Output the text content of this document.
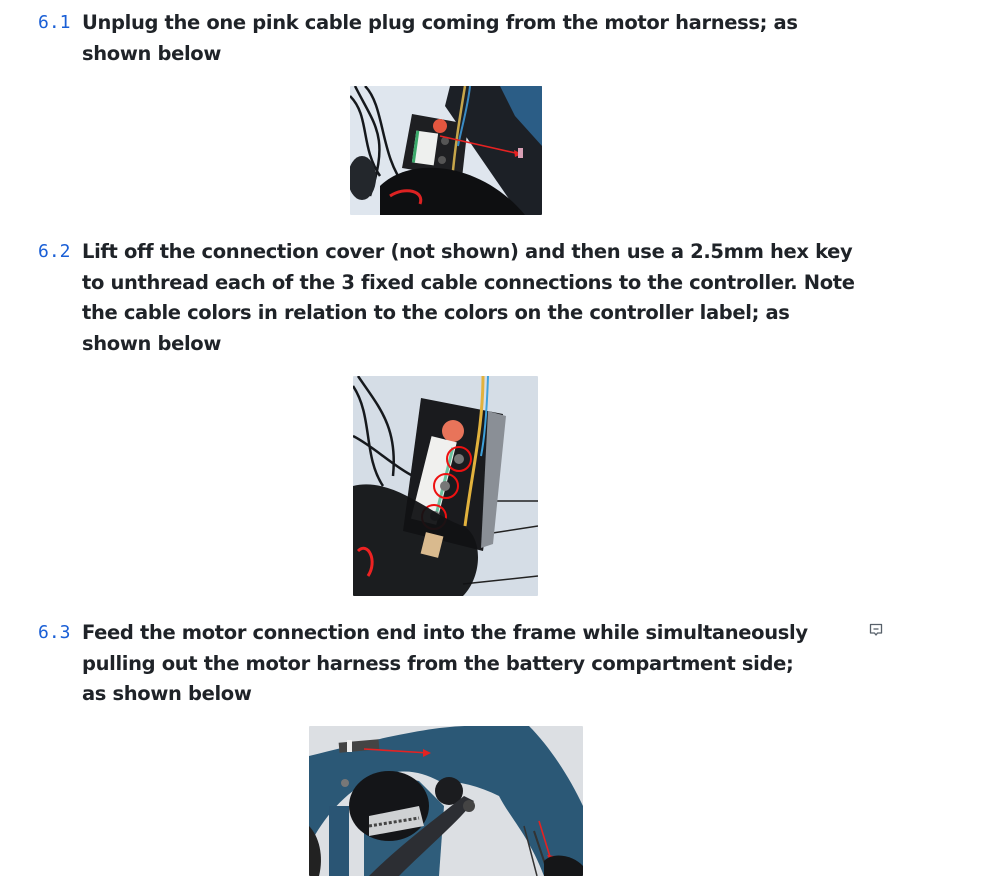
6.1 Unplug the one pink cable plug coming from the motor harness; as shown below
6.2 Lift off the connection cover (not shown) and then use a 2.5mm hex key to unthread each of the 3 fixed cable connections to the controller. Note the cable colors in relation to the colors on the controller label; as shown below
6.3 Feed the motor connection end into the frame while simultaneously pulling out the motor harness from the battery compartment side; as shown below
